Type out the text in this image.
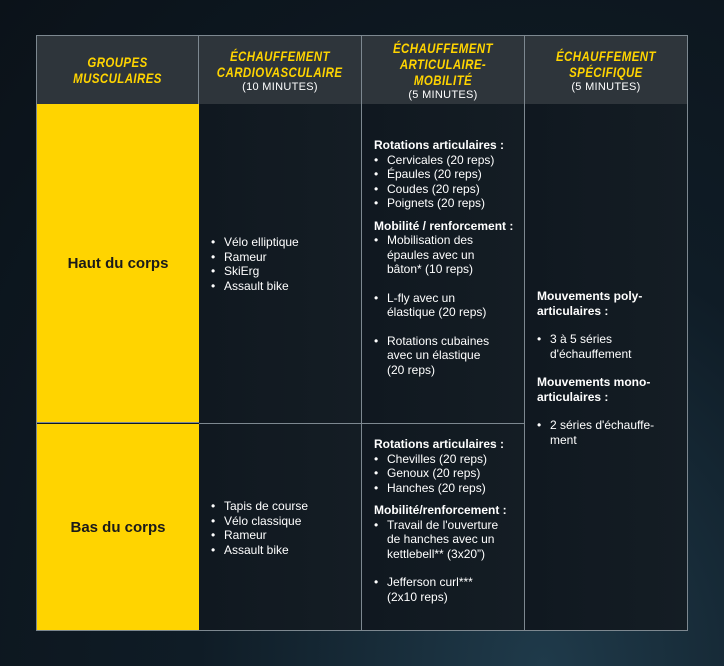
GROUPES MUSCULAIRES
ÉCHAUFFEMENT
CARDIOVASCULAIRE
(10 MINUTES)
ÉCHAUFFEMENT
ARTICULAIRE-MOBILITÉ
(5 MINUTES)
ÉCHAUFFEMENT
SPÉCIFIQUE
(5 MINUTES)
Haut du corps
Bas du corps
• Vélo elliptique
• Rameur
• SkiErg
• Assault bike
• Tapis de course
• Vélo classique
• Rameur
• Assault bike

Rotations articulaires :

• Cervicales (20 reps)
• Épaules (20 reps)
• Coudes (20 reps)
• Poignets (20 reps)

Mobilité / renforcement :

• Mobilisation des
épaules avec un
bâton* (10 reps)
• L-fly avec un
élastique (20 reps)
• Rotations cubaines
avec un élastique
(20 reps)

Rotations articulaires :

• Chevilles (20 reps)
• Genoux (20 reps)
• Hanches (20 reps)

Mobilité/renforcement :

• Travail de l'ouverture
de hanches avec un
kettlebell** (3x20”)
• Jefferson curl***
(2x10 reps)

Mouvements poly-
articulaires :

• 3 à 5 séries
d'échauffement

Mouvements mono-
articulaires :

• 2 séries d'échauffe-
ment
